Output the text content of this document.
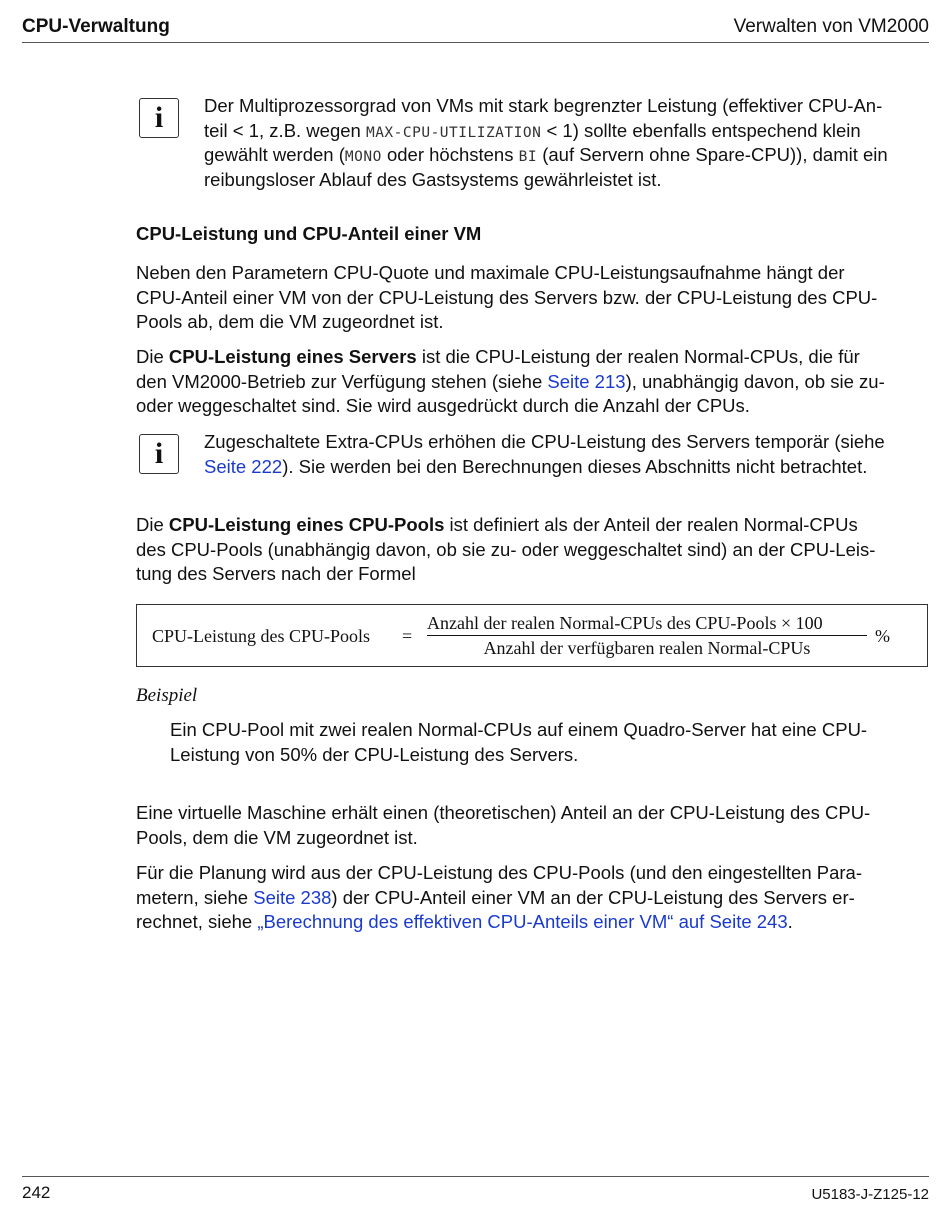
CPU-Verwaltung	Verwalten von VM2000
i Der Multiprozessorgrad von VMs mit stark begrenzter Leistung (effektiver CPU-An-
teil < 1, z.B. wegen MAX-CPU-UTILIZATION < 1) sollte ebenfalls entspechend klein
gewählt werden (MONO oder höchstens BI (auf Servern ohne Spare-CPU)), damit ein
reibungsloser Ablauf des Gastsystems gewährleistet ist.
CPU-Leistung und CPU-Anteil einer VM
Neben den Parametern CPU-Quote und maximale CPU-Leistungsaufnahme hängt der
CPU-Anteil einer VM von der CPU-Leistung des Servers bzw. der CPU-Leistung des CPU-
Pools ab, dem die VM zugeordnet ist.
Die CPU-Leistung eines Servers ist die CPU-Leistung der realen Normal-CPUs, die für
den VM2000-Betrieb zur Verfügung stehen (siehe Seite 213), unabhängig davon, ob sie zu-
oder weggeschaltet sind. Sie wird ausgedrückt durch die Anzahl der CPUs.
i Zugeschaltete Extra-CPUs erhöhen die CPU-Leistung des Servers temporär (siehe
Seite 222). Sie werden bei den Berechnungen dieses Abschnitts nicht betrachtet.
Die CPU-Leistung eines CPU-Pools ist definiert als der Anteil der realen Normal-CPUs
des CPU-Pools (unabhängig davon, ob sie zu- oder weggeschaltet sind) an der CPU-Leis-
tung des Servers nach der Formel
CPU-Leistung des CPU-Pools =
Anzahl der realen Normal-CPUs des CPU-Pools × 100
Anzahl der verfügbaren realen Normal-CPUs
%
Beispiel
Ein CPU-Pool mit zwei realen Normal-CPUs auf einem Quadro-Server hat eine CPU-
Leistung von 50% der CPU-Leistung des Servers.
Eine virtuelle Maschine erhält einen (theoretischen) Anteil an der CPU-Leistung des CPU-
Pools, dem die VM zugeordnet ist.
Für die Planung wird aus der CPU-Leistung des CPU-Pools (und den eingestellten Para-
metern, siehe Seite 238) der CPU-Anteil einer VM an der CPU-Leistung des Servers er-
rechnet, siehe „Berechnung des effektiven CPU-Anteils einer VM“ auf Seite 243.
242	U5183-J-Z125-12
